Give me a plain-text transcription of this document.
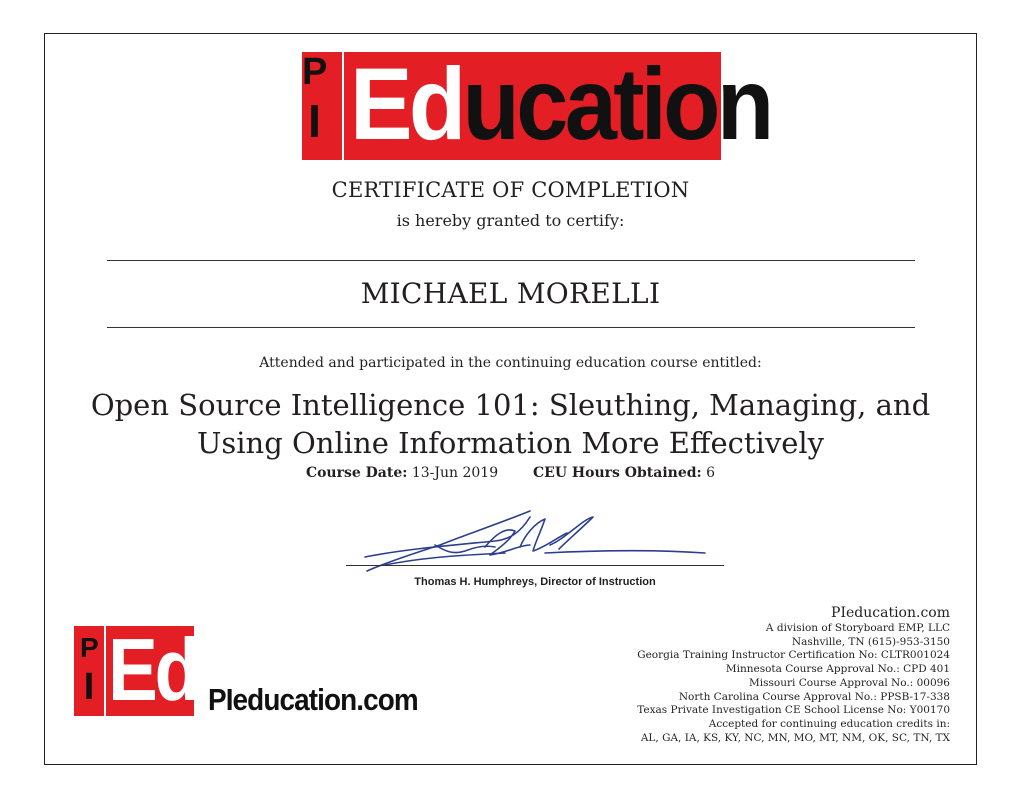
P
I Education
CERTIFICATE OF COMPLETION
is hereby granted to certify:
MICHAEL MORELLI
Attended and participated in the continuing education course entitled:
Open Source Intelligence 101: Sleuthing, Managing, and Using Online Information More Effectively
Course Date: 13-Jun 2019 CEU Hours Obtained: 6
Thomas H. Humphreys, Director of Instruction
P
I Ed PIeducation.com
PIeducation.com
A division of Storyboard EMP, LLC
Nashville, TN (615)-953-3150
Georgia Training Instructor Certification No: CLTR001024
Minnesota Course Approval No.: CPD 401
Missouri Course Approval No.: 00096
North Carolina Course Approval No.: PPSB-17-338
Texas Private Investigation CE School License No: Y00170
Accepted for continuing education credits in:
AL, GA, IA, KS, KY, NC, MN, MO, MT, NM, OK, SC, TN, TX
